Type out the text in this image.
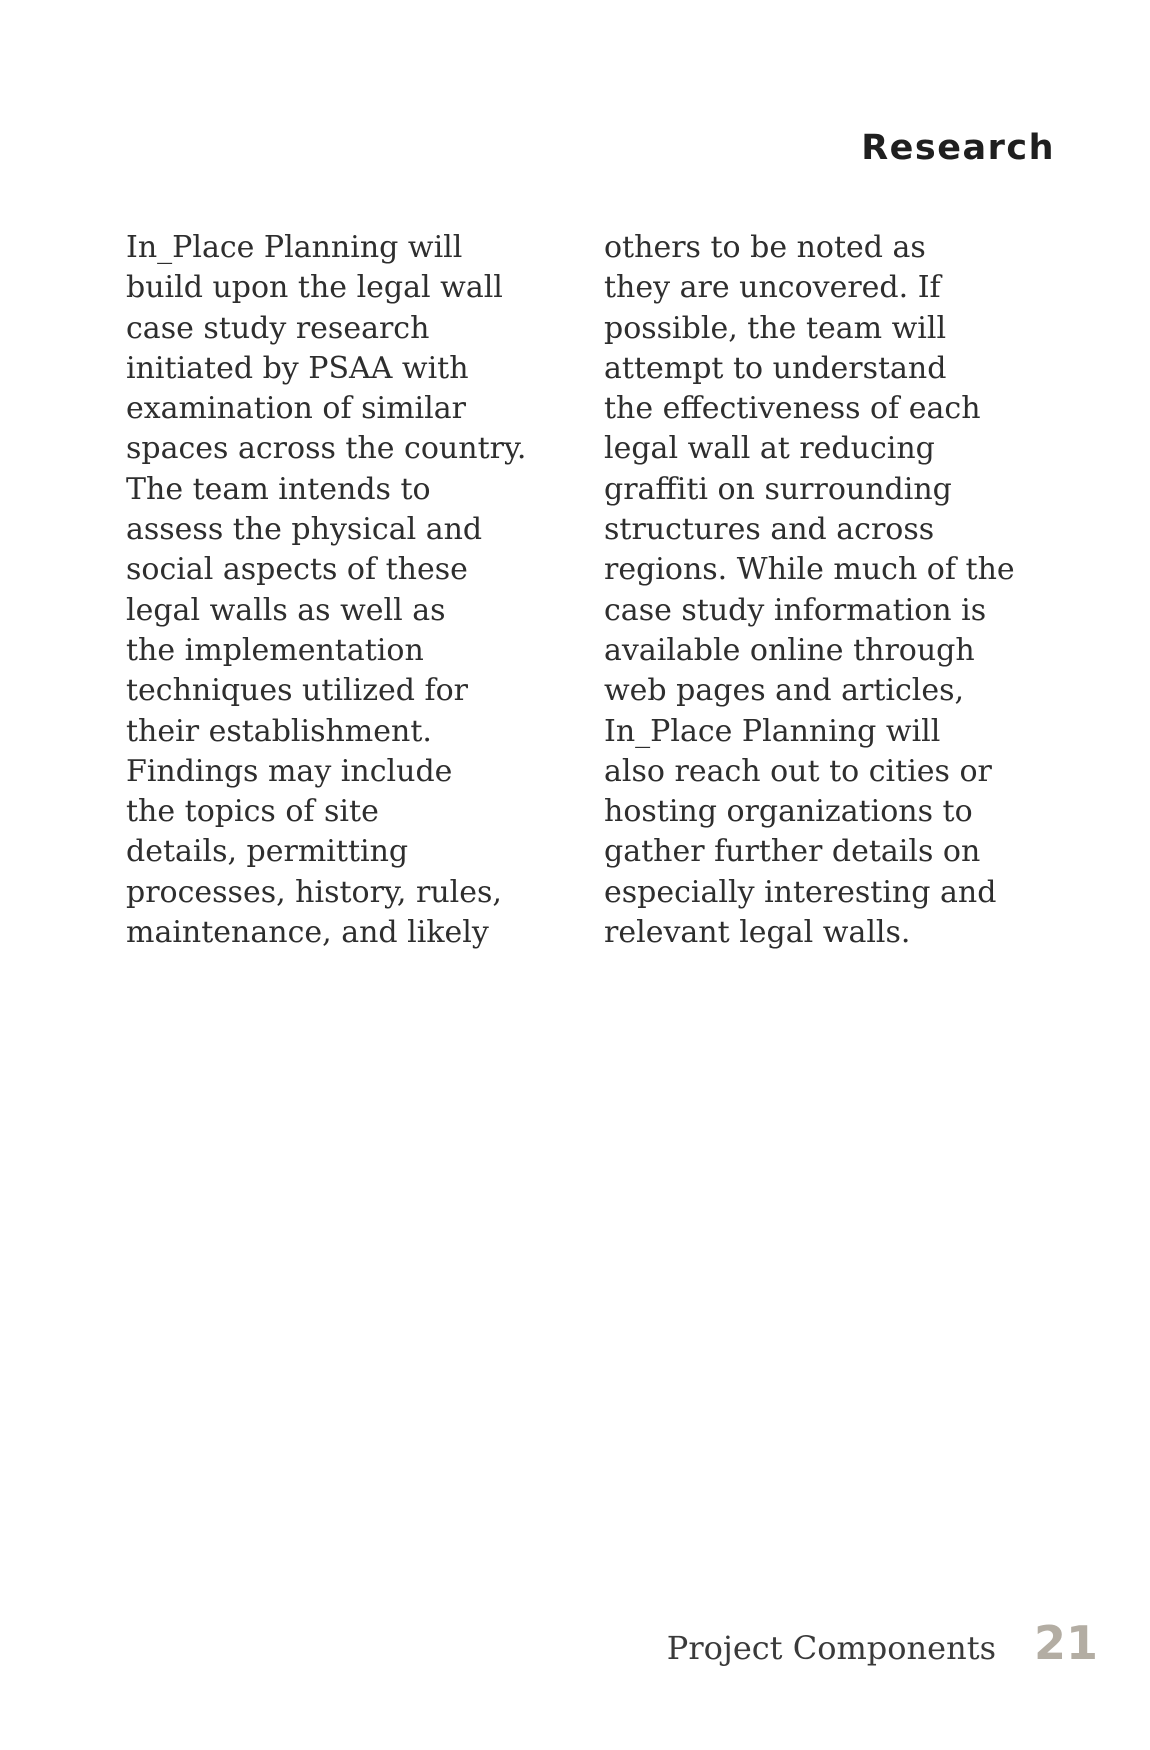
Research
In_Place Planning will
build upon the legal wall
case study research
initiated by PSAA with
examination of similar
spaces across the country.
The team intends to
assess the physical and
social aspects of these
legal walls as well as
the implementation
techniques utilized for
their establishment.
Findings may include
the topics of site
details, permitting
processes, history, rules,
maintenance, and likely
others to be noted as
they are uncovered. If
possible, the team will
attempt to understand
the effectiveness of each
legal wall at reducing
graffiti on surrounding
structures and across
regions. While much of the
case study information is
available online through
web pages and articles,
In_Place Planning will
also reach out to cities or
hosting organizations to
gather further details on
especially interesting and
relevant legal walls.
Project Components 21
